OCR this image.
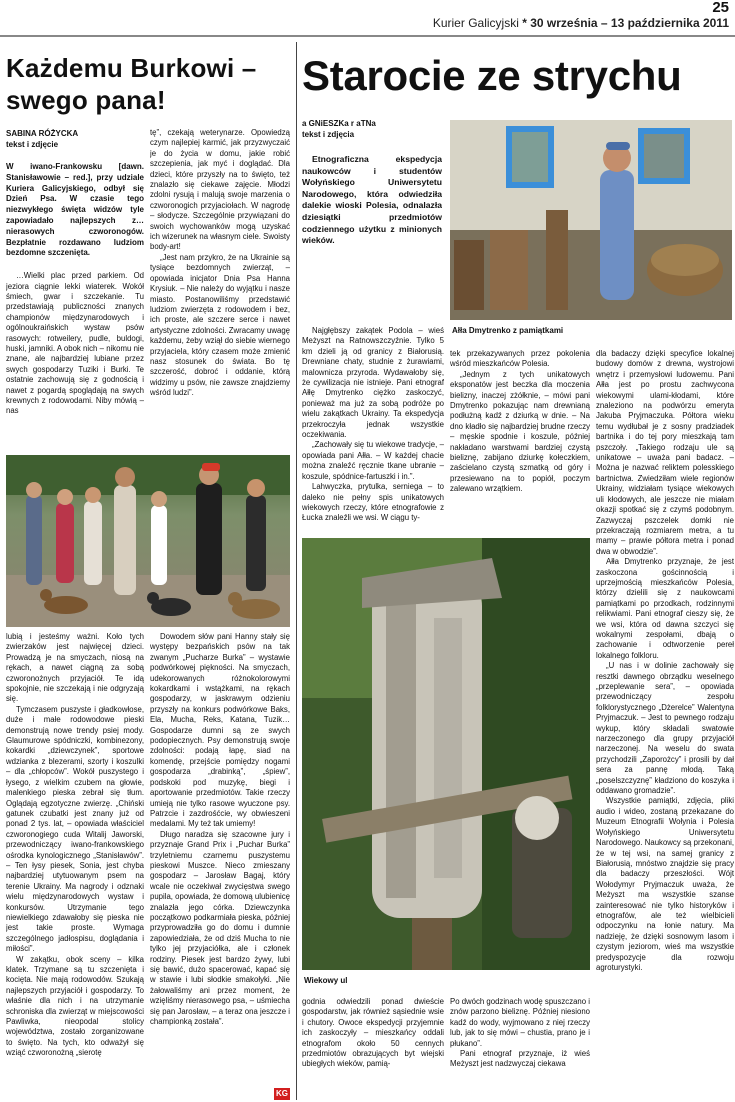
25
Kurier Galicyjski * 30 września – 13 października 2011
Każdemu Burkowi – swego pana!
SABINA RÓŻYCKA
tekst i zdjęcie
W iwano-Frankowsku [dawn. Stanisławowie – red.], przy udziale Kuriera Galicyjskiego, odbył się Dzień Psa. W czasie tego niezwykłego święta widzów tyle zapowiadało najlepszych z… nierasowych czworonogów. Bezpłatnie rozdawano ludziom bezdomne szczenięta.

…Wielki plac przed parkiem. Od jeziora ciągnie lekki wiaterek. Wokół śmiech, gwar i szczekanie. Tu przedstawiają publiczności znanych championów międzynarodowych i ogólnoukraińskich wystaw psów rasowych: rotweilery, pudle, buldogi, huski, jamniki. A obok nich – nikomu nie znane, ale najbardziej lubiane przez swych gospodarzy Tuziki i Burki. Te ostatnie zachowują się z godnością i nawet z pogardą spoglądają na swych krewnych z rodowodami. Niby mówią – nas

tę”, czekają weterynarze. Opowiedzą czym najlepiej karmić, jak przyzwyczaić je do życia w domu, jakie robić szczepienia, jak myć i doglądać. Dla dzieci, które przyszły na to święto, też znalazło się ciekawe zajęcie. Młodzi zdolni rysują i malują swoje marzenia o czworonogich przyjaciołach. W nagrodę – słodycze. Szczególnie przywiązani do swoich wychowanków mogą uzyskać ich wizerunek na własnym ciele. Swoisty body-art!

„Jest nam przykro, że na Ukrainie są tysiące bezdomnych zwierząt, – opowiada inicjator Dnia Psa Hanna Krysiuk. – Nie należy do wyjątku i nasze miasto. Postanowiliśmy przedstawić ludziom zwierzęta z rodowodem i bez, ich proste, ale szczere serce i nawet artystyczne zdolności. Zwracamy uwagę każdemu, żeby wziął do siebie wiernego przyjaciela, który czasem może zmienić nasz stosunek do świata. Bo tę szczerość, dobroć i oddanie, którą widzimy u psów, nie zawsze znajdziemy wśród ludzi”.

lubią i jesteśmy ważni. Koło tych zwierzaków jest najwięcej dzieci. Prowadzą je na smyczach, niosą na rękach, a nawet ciągną za sobą czworonożnych przyjaciół. Te idą spokojnie, nie szczekają i nie odgryzają się.

Tymczasem puszyste i gładkowłose, duże i małe rodowodowe pieski demonstrują nowe trendy psiej mody. Glaumurowe spódniczki, kombinezony, kokardki „dziewczynek”, sportowe wdzianka z blezerami, szorty i koszulki – dla „chłopców”. Wokół puszystego i łysego, z wielkim czubem na głowie, malenkiego pieska zebrał się tłum. Oglądają egzotyczne zwierzę. „Chiński gatunek czubatki jest znany już od ponad 2 tys. lat, – opowiada właściciel czworonogiego cuda Witalij Jaworski, przewodniczący iwano-frankowskiego ośrodka kynologicznego „Stanisławów”. – Ten łysy piesek, Sonia, jest chyba najbardziej utytuowanym psem na terenie Ukrainy. Ma nagrody i odznaki wielu międzynarodowych wystaw i konkursów. Utrzymanie tego niewielkiego zdawałoby się pieska nie jest takie proste. Wymaga szczególnego jadłospisu, doglądania i miłości”.

W zakątku, obok sceny – kilka klatek. Trzymane są tu szczenięta i kocięta. Nie mają rodowodów. Szukają najlepszych przyjaciół i gospodarzy. To właśnie dla nich i na utrzymanie schroniska dla zwierząt w miejscowości Pawliwka, nieopodal stolicy województwa, zostało zorganizowane to święto. Na tych, kto odważył się wziąć czworonożną „sierotę

Dowodem słów pani Hanny stały się występy bezpańskich psów na tak zwanym „Pucharze Burka” – wystawie podwórkowej piękności. Na smyczach, udekorowanych różnokolorowymi kokardkami i wstążkami, na rękach gospodarzy, w jaskrawym odzieniu przyszły na konkurs podwórkowe Baks, Ela, Mucha, Reks, Katana, Tuzik… Gospodarze dumni są ze swych podopiecznych. Psy demonstrują swoje zdolności: podają łapę, siad na komendę, przejście pomiędzy nogami gospodarza „drabinką”, „śpiew”, podskoki pod muzykę, biegi i aportowanie przedmiotów. Takie rzeczy umieją nie tylko rasowe wyuczone psy. Patrzcie i zazdrośćcie, wy obwieszeni medalami. My też tak umiemy!

Długo naradza się szacowne jury i przyznaje Grand Prix i „Puchar Burka” trzyletniemu czarnemu puszystemu pieskowi Muszce. Nieco zmieszany gospodarz – Jarosław Bagaj, który wcale nie oczekiwał zwycięstwa swego pupila, opowiada, że domową ulubienicę znalazła jego córka. Dziewczynka początkowo podkarmiała pieska, później przyprowadziła go do domu i dumnie zapowiedziała, że od dziś Mucha to nie tylko jej przyjaciółka, ale i członek rodziny. Piesek jest bardzo żywy, lubi się bawić, dużo spacerować, kapać się w stawie i lubi słodkie smakołyki. „Nie żałowaliśmy ani przez moment, że wzięliśmy nierasowego psa, – uśmiecha się pan Jarosław, – a teraz ona jeszcze i championką została”.

KG
Starocie ze strychu
a GNiESZKa r aTNa
tekst i zdjęcia
Etnograficzna ekspedycja naukowców i studentów Wołyńskiego Uniwersytetu Narodowego, która odwiedziła dalekie wioski Polesia, odnalazła dziesiątki przedmiotów codziennego użytku z minionych wieków.
Ałła Dmytrenko z pamiątkami

Najgłębszy zakątek Podola – wieś Meżyszt na Ratnowszczyźnie. Tylko 5 km dzieli ją od granicy z Białorusią. Drewniane chaty, studnie z żurawiami, malownicza przyroda. Wydawałoby się, że cywilizacja nie istnieje. Pani etnograf Ałłę Dmytrenko ciężko zaskoczyć, ponieważ ma już za sobą podróże po wielu zakątkach Ukrainy. Ta ekspedycja przekroczyła jednak wszystkie oczekiwania.

„Zachowały się tu wiekowe tradycje, – opowiada pani Ałła. – W każdej chacie można znaleźć ręcznie tkane ubranie – koszule, spódnice-fartuszki i in.”.

Lahwyczka, prytulka, serniega – to daleko nie pełny spis unikatowych wiekowych rzeczy, które etnografowie z Łucka znaleźli we wsi. W ciągu ty-

tek przekazywanych przez pokolenia wśród mieszkańców Polesia.

„Jednym z tych unikatowych eksponatów jest beczka dla moczenia bielizny, inaczej zżółknie, – mówi pani Dmytrenko pokazując nam drewnianą podłużną kadź z dziurką w dnie. – Na dno kładło się najbardziej brudne rzeczy – męskie spodnie i koszule, później nakładano warstwami bardziej czystą bieliznę, zabijano dziurkę kołeczkiem, zaścielano czystą szmatką od góry i przesiewano na to popiół, poczym zalewano wrzątkiem.

dla badaczy dzięki specyfice lokalnej budowy domów z drewna, wystrojowi wnętrz i przemysłowi ludowemu. Pani Ałła jest po prostu zachwycona wiekowymi ulami-kłodami, które znaleziono na podwórzu emeryta Jakuba Pryjmaczuka. Półtora wieku temu wydłubał je z sosny pradziadek bartnika i do tej pory mieszkają tam pszczoły. „Takiego rodzaju ule są unikatowe – uważa pani badacz. – Można je nazwać reliktem polesskiego bartnictwa. Zwiedziłam wiele regionów Ukrainy, widziałam tysiące wiekowych uli kłodowych, ale jeszcze nie miałam okazji spotkać się z czymś podobnym. Zazwyczaj pszczelek domki nie przekraczają rozmiarem metra, a tu mamy – prawie półtora metra i ponad dwa w obwodzie”.

Ałła Dmytrenko przyznaje, że jest zaskoczona gościnnością i uprzejmością mieszkańców Polesia, którzy dzielili się z naukowcami pamiątkami po przodkach, rodzinnymi relikwiami. Pani etnograf cieszy się, że we wsi, która od dawna szczyci się wokalnymi zespołami, dbają o zachowanie i odtworzenie pereł lokalnego folkloru.

„U nas i w dolinie zachowały się resztki dawnego obrządku weselnego „przeplewanie sera”, – opowiada przewodniczący zespołu folklorystycznego „Dżerelce” Walentyna Pryjmaczuk. – Jest to pewnego rodzaju wykup, który składali swatowie narzeczonego dla grupy przyjaciół narzeczonej. Na weselu do swata przychodzili „Zaporożcy” i prosili by dał sera za pannę młodą. Taką „poselszczyznę” kładziono do koszyka i oddawano gromadzie”.

Wszystkie pamiątki, zdjęcia, pliki audio i wideo, zostaną przekazane do Muzeum Etnografii Wołynia i Polesia Wołyńskiego Uniwersytetu Narodowego. Naukowcy są przekonani, że w tej wsi, na samej granicy z Białorusią, mnóstwo znajdzie się pracy dla badaczy przeszłości. Wójt Wołodymyr Pryjmaczuk uważa, że Meżyszt ma wszystkie szanse zainteresować nie tylko historyków i etnografów, ale też wielbicieli odpoczynku na łonie natury. Ma nadzieję, że dzięki sosnowym lasom i czystym jeziorom, wieś ma wszystkie predyspozycje dla rozwoju agroturystyki.

Wiekowy ul

godnia odwiedzili ponad dwieście gospodarstw, jak również sąsiednie wsie i chutory. Owoce ekspedycji przyjemnie ich zaskoczyły – mieszkańcy oddali etnografom około 50 cennych przedmiotów obrazujących byt wiejski ubiegłych wieków, pamią-

Po dwóch godzinach wodę spuszczano i znów parzono bieliznę. Później niesiono kadź do wody, wyjmowano z niej rzeczy lub, jak to się mówi – chustia, prano je i płukano”.

Pani etnograf przyznaje, iż wieś Meżyszt jest nadzwyczaj ciekawa
